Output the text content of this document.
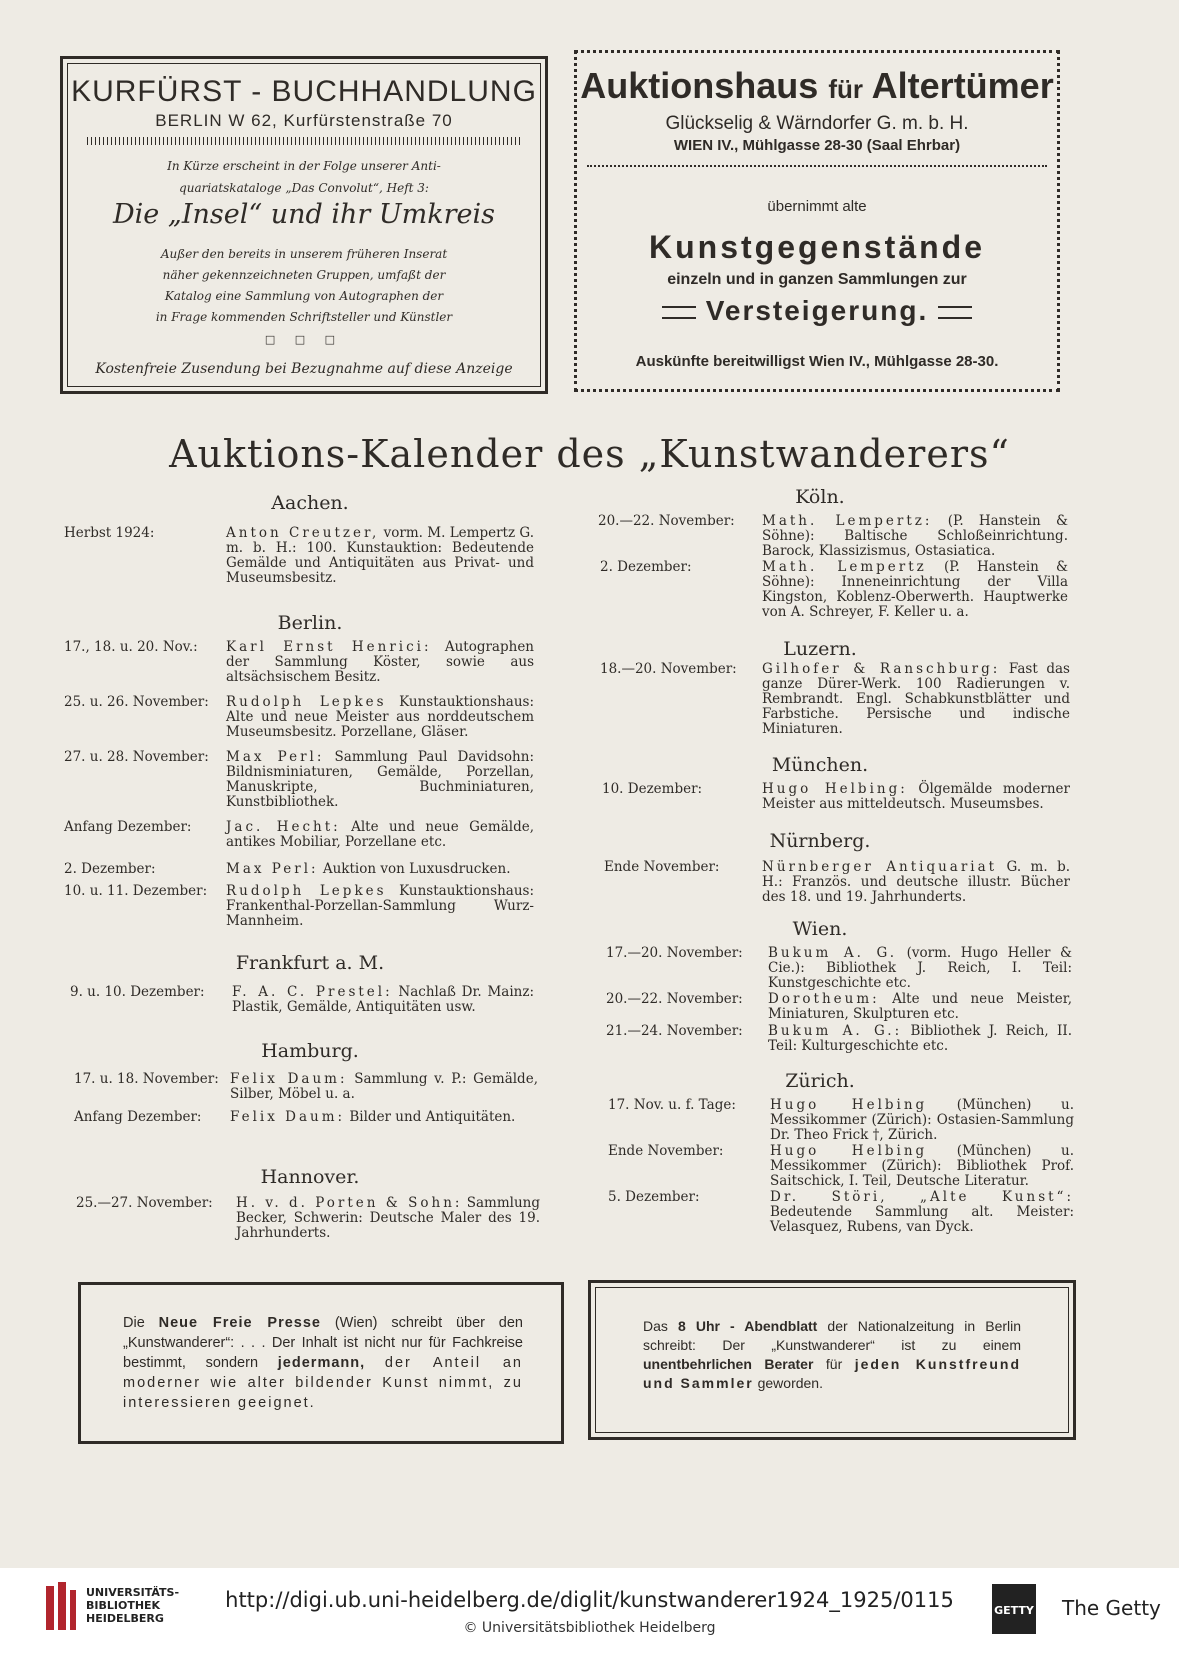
KURFÜRST - BUCHHANDLUNG
BERLIN W 62, Kurfürstenstraße 70
In Kürze erscheint in der Folge unserer Anti-
quariatskataloge „Das Convolut“, Heft 3:
Die „Insel“ und ihr Umkreis
Außer den bereits in unserem früheren Inserat
näher gekennzeichneten Gruppen, umfaßt der
Katalog eine Sammlung von Autographen der
in Frage kommenden Schriftsteller und Künstler
□ □ □
Kostenfreie Zusendung bei Bezugnahme auf diese Anzeige
Auktionshaus für Altertümer
Glückselig & Wärndorfer G. m. b. H.
WIEN IV., Mühlgasse 28-30 (Saal Ehrbar)
übernimmt alte
Kunstgegenstände
einzeln und in ganzen Sammlungen zur
Versteigerung.
Auskünfte bereitwilligst Wien IV., Mühlgasse 28-30.
Auktions-Kalender des „Kunstwanderers“
Aachen.
Herbst 1924:	Anton Creutzer, vorm. M. Lempertz G. m. b. H.: 100. Kunstauktion: Bedeutende Gemälde und Antiquitäten aus Privat- und Museumsbesitz.
Berlin.
17., 18. u. 20. Nov.: Karl Ernst Henrici: Autographen der Sammlung Köster, sowie aus altsächsischem Besitz.
25. u. 26. November: Rudolph Lepkes Kunstauktionshaus: Alte und neue Meister aus norddeutschem Museumsbesitz. Porzellane, Gläser.
27. u. 28. November: Max Perl: Sammlung Paul Davidsohn: Bildnisminiaturen, Gemälde, Porzellan, Manuskripte, Buchminiaturen, Kunstbibliothek.
Anfang Dezember:	Jac. Hecht: Alte und neue Gemälde, antikes Mobiliar, Porzellane etc.
2. Dezember:	Max Perl: Auktion von Luxusdrucken.
10. u. 11. Dezember: Rudolph Lepkes Kunstauktionshaus: Frankenthal-Porzellan-Sammlung Wurz-Mannheim.
Frankfurt a. M.
9. u. 10. Dezember: F. A. C. Prestel: Nachlaß Dr. Mainz: Plastik, Gemälde, Antiquitäten usw.
Hamburg.
17. u. 18. November: Felix Daum: Sammlung v. P.: Gemälde, Silber, Möbel u. a.
Anfang Dezember: Felix Daum: Bilder und Antiquitäten.
Hannover.
25.—27. November: H. v. d. Porten & Sohn: Sammlung Becker, Schwerin: Deutsche Maler des 19. Jahrhunderts.
Köln.
20.—22. November: Math. Lempertz: (P. Hanstein & Söhne): Baltische Schloßeinrichtung. Barock, Klassizismus, Ostasiatica.
2. Dezember:	Math. Lempertz (P. Hanstein & Söhne): Inneneinrichtung der Villa Kingston, Koblenz-Oberwerth. Hauptwerke von A. Schreyer, F. Keller u. a.
Luzern.
18.—20. November: Gilhofer & Ranschburg: Fast das ganze Dürer-Werk. 100 Radierungen v. Rembrandt. Engl. Schabkunstblätter und Farbstiche. Persische und indische Miniaturen.
München.
10. Dezember:	Hugo Helbing: Ölgemälde moderner Meister aus mitteldeutsch. Museumsbes.
Nürnberg.
Ende November:	Nürnberger Antiquariat G. m. b. H.: Französ. und deutsche illustr. Bücher des 18. und 19. Jahrhunderts.
Wien.
17.—20. November: Bukum A. G. (vorm. Hugo Heller & Cie.): Bibliothek J. Reich, I. Teil: Kunstgeschichte etc.
20.—22. November: Dorotheum: Alte und neue Meister, Miniaturen, Skulpturen etc.
21.—24. November: Bukum A. G.: Bibliothek J. Reich, II. Teil: Kulturgeschichte etc.
Zürich.
17. Nov. u. f. Tage:	Hugo Helbing (München) u. Messikommer (Zürich): Ostasien-Sammlung Dr. Theo Frick †, Zürich.
Ende November:	Hugo Helbing (München) u. Messikommer (Zürich): Bibliothek Prof. Saitschick, I. Teil, Deutsche Literatur.
5. Dezember:	Dr. Störi, „Alte Kunst“: Bedeutende Sammlung alt. Meister: Velasquez, Rubens, van Dyck.
Die Neue Freie Presse (Wien) schreibt über den „Kunstwanderer“: . . . Der Inhalt ist nicht nur für Fachkreise bestimmt, sondern jedermann, der Anteil an moderner wie alter bildender Kunst nimmt, zu interessieren geeignet.
Das 8 Uhr - Abendblatt der Nationalzeitung in Berlin schreibt: Der „Kunstwanderer“ ist zu einem unentbehrlichen Berater für jeden Kunstfreund und Sammler geworden.
UNIVERSITÄTS-
BIBLIOTHEK
HEIDELBERG
http://digi.ub.uni-heidelberg.de/diglit/kunstwanderer1924_1925/0115
© Universitätsbibliothek Heidelberg
GETTY The Getty
